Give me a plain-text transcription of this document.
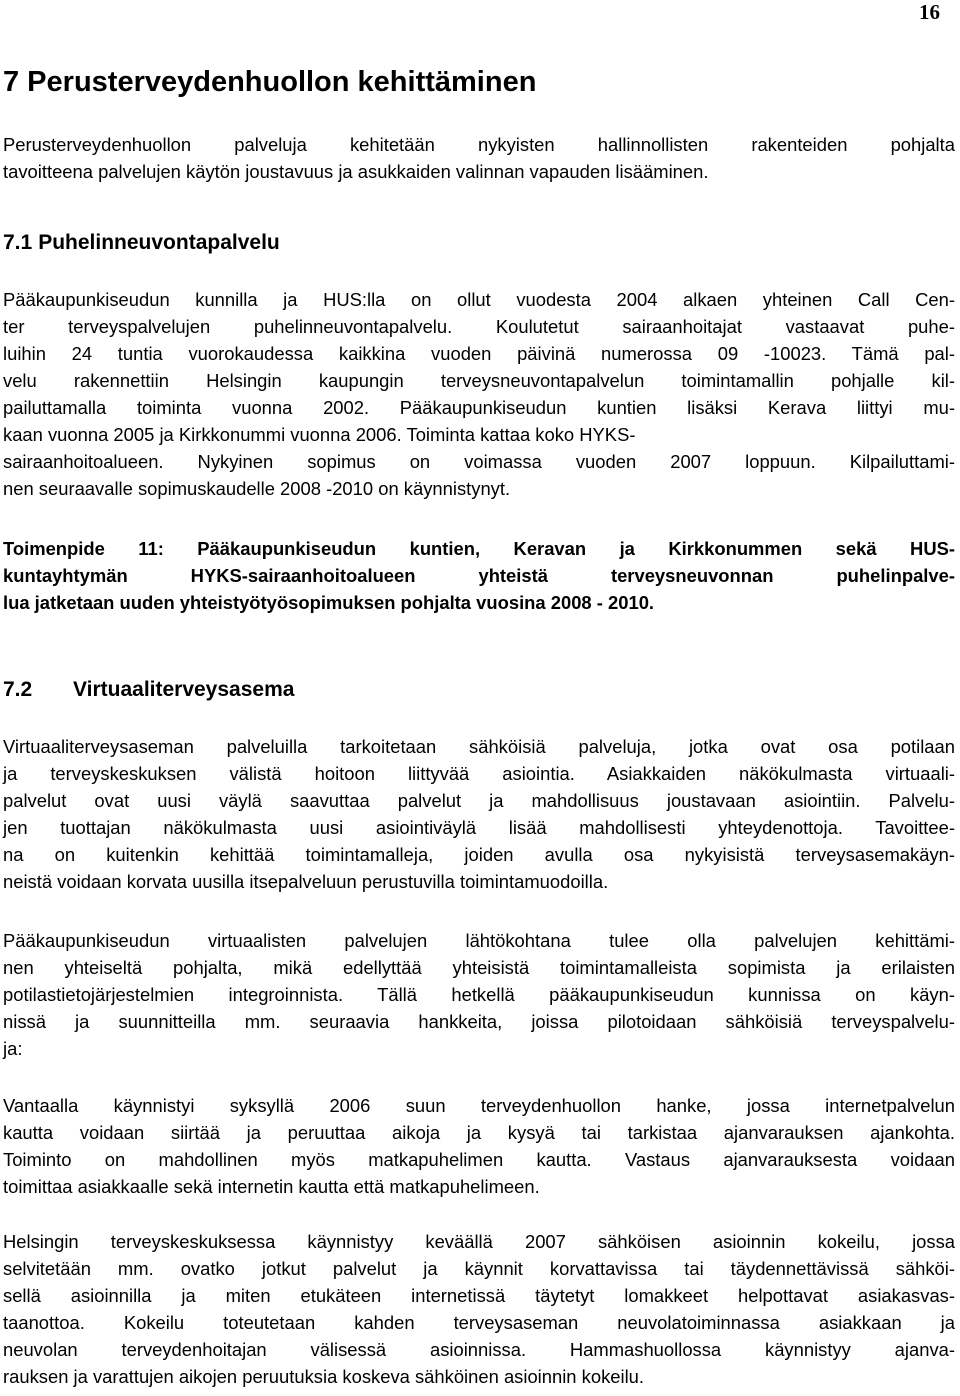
16
7 Perusterveydenhuollon kehittäminen

Perusterveydenhuollon palveluja kehitetään nykyisten hallinnollisten rakenteiden pohjalta
tavoitteena palvelujen käytön joustavuus ja asukkaiden valinnan vapauden lisääminen.

7.1 Puhelinneuvontapalvelu

Pääkaupunkiseudun kunnilla ja HUS:lla on ollut vuodesta 2004 alkaen yhteinen Call Cen-
ter terveyspalvelujen puhelinneuvontapalvelu. Koulutetut sairaanhoitajat vastaavat puhe-
luihin 24 tuntia vuorokaudessa kaikkina vuoden päivinä numerossa 09 -10023. Tämä pal-
velu rakennettiin Helsingin kaupungin terveysneuvontapalvelun toimintamallin pohjalle kil-
pailuttamalla toiminta vuonna 2002. Pääkaupunkiseudun kuntien lisäksi Kerava liittyi mu-
kaan vuonna 2005 ja Kirkkonummi vuonna 2006. Toiminta kattaa koko HYKS-
sairaanhoitoalueen. Nykyinen sopimus on voimassa vuoden 2007 loppuun. Kilpailuttami-
nen seuraavalle sopimuskaudelle 2008 -2010 on käynnistynyt.

Toimenpide 11: Pääkaupunkiseudun kuntien, Keravan ja Kirkkonummen sekä HUS-
kuntayhtymän HYKS-sairaanhoitoalueen yhteistä terveysneuvonnan puhelinpalve-
lua jatketaan uuden yhteistyötyösopimuksen pohjalta vuosina 2008 - 2010.

7.2 Virtuaaliterveysasema

Virtuaaliterveysaseman palveluilla tarkoitetaan sähköisiä palveluja, jotka ovat osa potilaan
ja terveyskeskuksen välistä hoitoon liittyvää asiointia. Asiakkaiden näkökulmasta virtuaali-
palvelut ovat uusi väylä saavuttaa palvelut ja mahdollisuus joustavaan asiointiin. Palvelu-
jen tuottajan näkökulmasta uusi asiointiväylä lisää mahdollisesti yhteydenottoja. Tavoittee-
na on kuitenkin kehittää toimintamalleja, joiden avulla osa nykyisistä terveysasemakäyn-
neistä voidaan korvata uusilla itsepalveluun perustuvilla toimintamuodoilla.

Pääkaupunkiseudun virtuaalisten palvelujen lähtökohtana tulee olla palvelujen kehittämi-
nen yhteiseltä pohjalta, mikä edellyttää yhteisistä toimintamalleista sopimista ja erilaisten
potilastietojärjestelmien integroinnista. Tällä hetkellä pääkaupunkiseudun kunnissa on käyn-
nissä ja suunnitteilla mm. seuraavia hankkeita, joissa pilotoidaan sähköisiä terveyspalvelu-
ja:

Vantaalla käynnistyi syksyllä 2006 suun terveydenhuollon hanke, jossa internetpalvelun
kautta voidaan siirtää ja peruuttaa aikoja ja kysyä tai tarkistaa ajanvarauksen ajankohta.
Toiminto on mahdollinen myös matkapuhelimen kautta. Vastaus ajanvarauksesta voidaan
toimittaa asiakkaalle sekä internetin kautta että matkapuhelimeen.

Helsingin terveyskeskuksessa käynnistyy keväällä 2007 sähköisen asioinnin kokeilu, jossa
selvitetään mm. ovatko jotkut palvelut ja käynnit korvattavissa tai täydennettävissä sähköi-
sellä asioinnilla ja miten etukäteen internetissä täytetyt lomakkeet helpottavat asiakasvas-
taanottoa. Kokeilu toteutetaan kahden terveysaseman neuvolatoiminnassa asiakkaan ja
neuvolan terveydenhoitajan välisessä asioinnissa. Hammashuollossa käynnistyy ajanva-
rauksen ja varattujen aikojen peruutuksia koskeva sähköinen asioinnin kokeilu.
